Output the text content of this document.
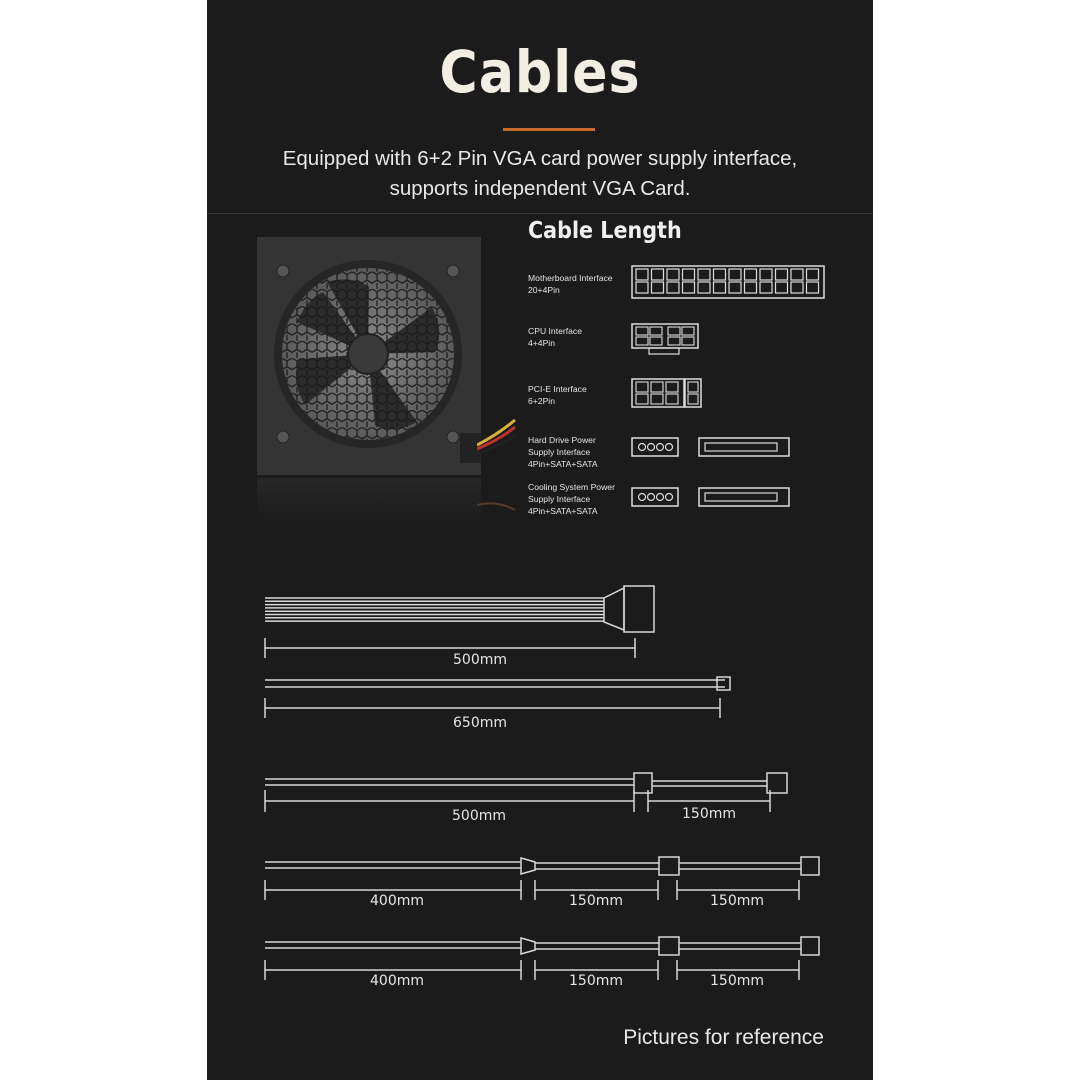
Cables
Equipped with 6+2 Pin VGA card power supply interface,
supports independent VGA Card.
Cable Length
Motherboard Interface
20+4Pin
CPU Interface
4+4Pin
PCI-E Interface
6+2Pin
Hard Drive Power
Supply Interface
4Pin+SATA+SATA
Cooling System Power
Supply Interface
4Pin+SATA+SATA
500mm
650mm
500mm	150mm
400mm	150mm	150mm
400mm	150mm	150mm
Pictures for reference
